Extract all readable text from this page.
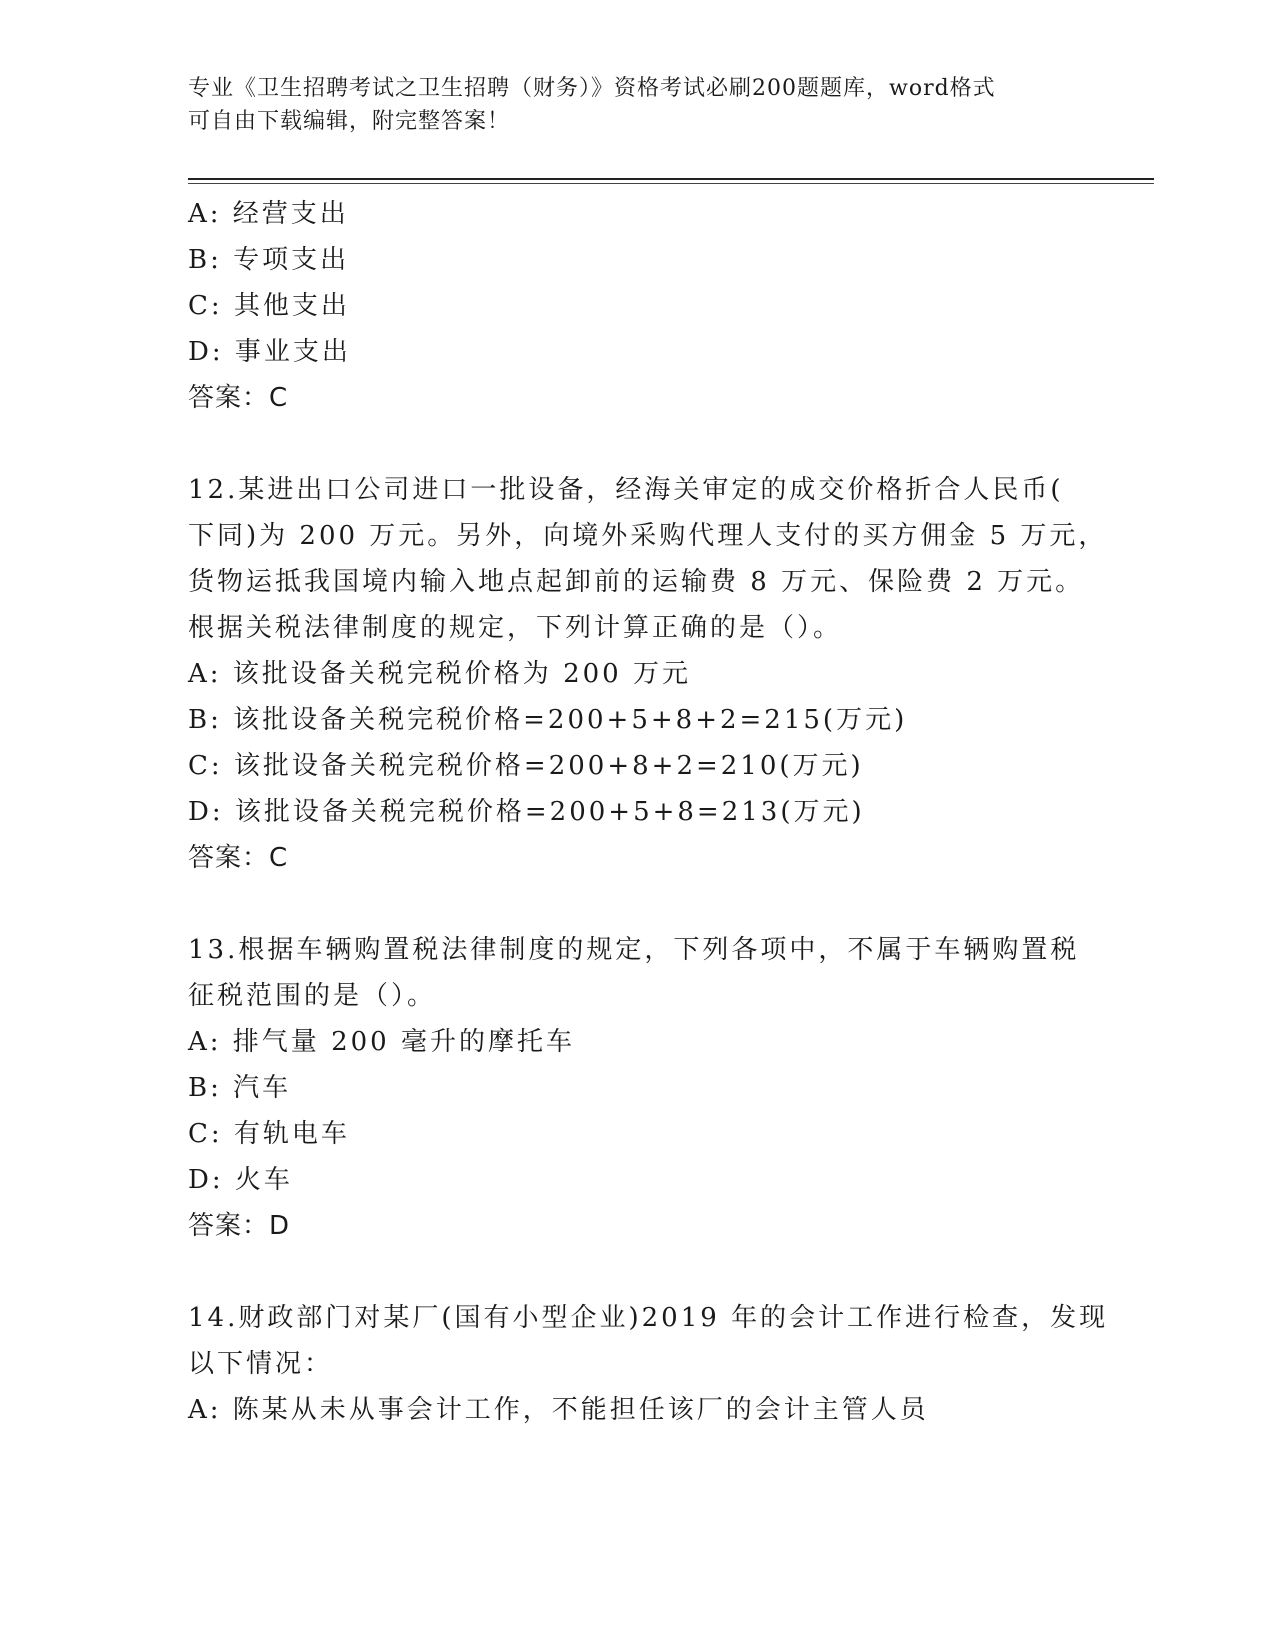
专业《卫生招聘考试之卫生招聘（财务）》资格考试必刷200题题库，word格式
可自由下载编辑，附完整答案！
A: 经营支出
B: 专项支出
C: 其他支出
D: 事业支出
答案：C
12.某进出口公司进口一批设备，经海关审定的成交价格折合人民币(
下同)为 200 万元。另外，向境外采购代理人支付的买方佣金 5 万元，
货物运抵我国境内输入地点起卸前的运输费 8 万元、保险费 2 万元。
根据关税法律制度的规定，下列计算正确的是（）。
A: 该批设备关税完税价格为 200 万元
B: 该批设备关税完税价格=200+5+8+2=215(万元)
C: 该批设备关税完税价格=200+8+2=210(万元)
D: 该批设备关税完税价格=200+5+8=213(万元)
答案：C
13.根据车辆购置税法律制度的规定，下列各项中，不属于车辆购置税
征税范围的是（）。
A: 排气量 200 毫升的摩托车
B: 汽车
C: 有轨电车
D: 火车
答案：D
14.财政部门对某厂(国有小型企业)2019 年的会计工作进行检查，发现
以下情况：
A: 陈某从未从事会计工作，不能担任该厂的会计主管人员
